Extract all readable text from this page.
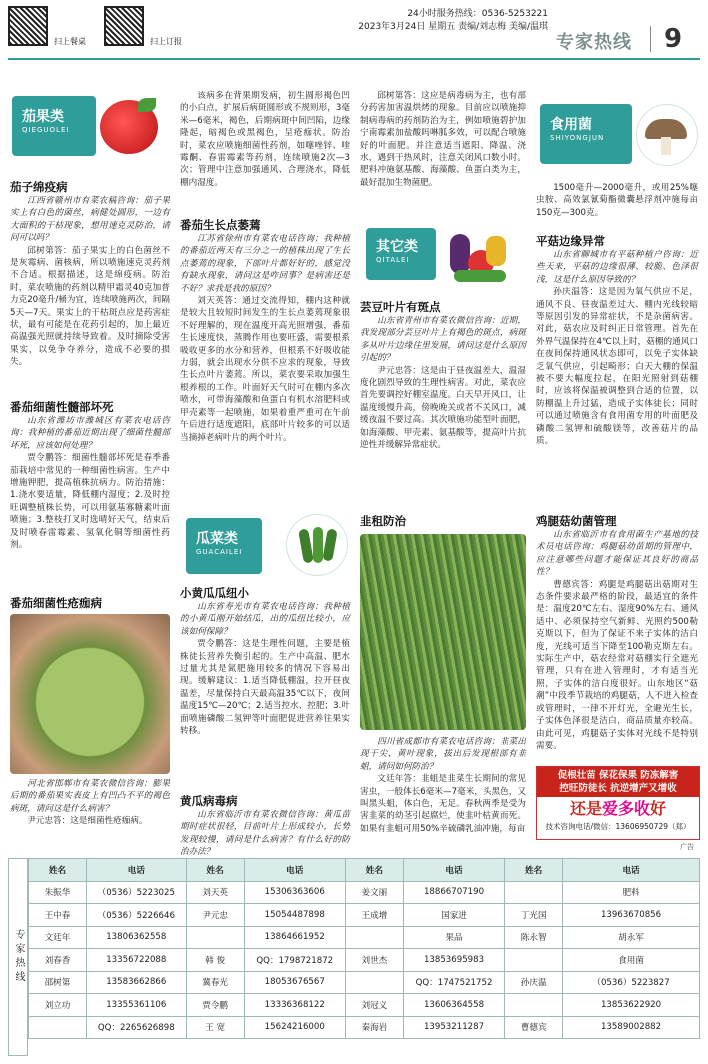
扫上餐桌	扫上订报
24小时服务热线：0536-5253221
2023年3月24日 星期五 责编/刘志梅 美编/温琪
专家热线 9
茄果类
QIEGUOLEI
茄子绵疫病

江西省赣州市有菜农稿咨询：茄子果实上有白色的菌丝，病健处圆形，一边有大面积的干枯现象，想用速克灵防治，请问可以吗？

邱树第答：茄子果实上的白色菌丝不是灰霉病、菌核病，所以喷施速克灵药剂不合适。根据描述，这是绵疫病。防治时，菜农喷施的药剂以精甲霜灵40克加普力克20毫升/桶为宜，连续喷施两次，间隔5天—7天。果实上的干枯斑点应是药害症状，最有可能是在花药引起的，加上最近高温强光照就持续导致着。及时摘除受害果实，以免争夺养分，造成不必要的损失。

番茄细菌性髓部坏死

山东省潍坊市潍城区有菜农电话咨询：我种植的番茄近期出现了细菌性髓部坏死，应该如何处理？

贾令鹏答：细菌性髓部坏死是春季番茄栽培中常见的一种细菌性病害。生产中增施钾肥，提高植株抗病力。防治措施：1.浇水要适量，降低棚内湿度；2.及时控旺调整植株长势，可以用氨基寡糖素叶面喷施；3.整枝打叉时选晴好天气，结束后及时喷春雷霉素、氢氧化铜等细菌性药剂。

番茄细菌性疮痂病

河北省邯郸市有菜农微信咨询：膨果后期的番茄果实表皮上有凹凸不平的褐色病斑，请问这是什么病害？

尹元忠答：这是细菌性疮痂病。

该病多在背果期发病，初生圆形褐色凹的小白点，扩展后病斑圆形或不规则形，3毫米—6毫米，褐色，后期病斑中间凹陷，边缘隆起，暗褐色或黑褐色，呈疮痂状。防治时，菜农应喷施细菌性药剂，如噻唑锌、喹霉酮、春雷霉素等药剂，连续喷施2次—3次；管理中注意加强通风、合理浇水，降低棚内湿度。

番茄生长点萎蔫

江苏省徐州市有菜农电话咨询：我种植的番茄近两天有三分之一的植株出现了生长点萎蔫的现象，下部叶片都好好的，感觉没有缺水现象，请问这是咋回事？是病害还是不好？求我是我的原因？

刘天英答：通过交流得知，棚内这种就是较大且较短时间发生的生长点萎蔫现象很不好理解的，现在温度开高光照增强，番茄生长速度快，蒸腾作用也要旺盛，需要根系吸收更多的水分和营养，但根系不好吸收能力弱，就会出现水分供不应求的现象，导致生长点叶片萎蔫。所以，菜农要采取加强生根养根的工作。叶面好天气时可在棚内多次喷水，可带海藻酸和鱼蛋白有机水溶肥料或甲壳素等一起喷施，如果着重严重可在午前午后进行适度遮阳，底部叶片较多的可以适当摘掉老病叶片的两个叶片。

瓜菜类
GUACAILEI
小黄瓜瓜纽小

山东省寿光市有菜农电话咨询：我种植的小黄瓜刚开始结瓜，出的瓜纽比较小，应该如何保障？

贾令鹏答：这是生理性问题，主要是植株徒长营养失衡引起的。生产中高温、肥水过量尤其是氮肥施用较多的情况下容易出现。缓解建议：1.适当降低棚温，拉开昼夜温差，尽量保持白天最高温35℃以下，夜间温度15℃—20℃；2.适当控水、控肥；3.叶面喷施磷酸二氢钾等叶面肥促进营养往果实转移。

黄瓜病毒病

山东省临沂市有菜农微信咨询：黄瓜苗期时症状很轻，目前叶片上形成较小，长势发现较慢，请问是什么病害？有什么好的防治办法？

邱树第答：这应是病毒病为主，也有部分药害加害温烘烤的现象。目前应以喷施抑制病毒病的药剂防治为主，例如喷施碧护加宁南霉素加盐酸吗啉胍多效，可以配合喷施好的叶面肥。并注意适当遮阳、降温、浇水，遇到干热风时，注意关闭风口数小时。肥料冲施氨基酸、海藻酸、鱼蛋白类为主，最好混加生物菌肥。

其它类
QITALEI
芸豆叶片有斑点

山东省青州市有菜农微信咨询：近期，我发现部分芸豆叶片上有褐色的斑点，病斑多从叶片边缘往里发展，请问这是什么原因引起的？

尹元忠答：这是由于昼夜温差大，温湿度化剧烈导致的生理性病害。对此，菜农应首先要调控好棚室温度。白天早开风口，让温度缓慢升高，傍晚晚关或者不关风口，减缓夜温不要过高。其次喷施功能型叶面肥，如海藻酸、甲壳素、氨基酸等，提高叶片抗逆性并缓解异常症状。

韭租防治

四川省成都市有菜农电话咨询：韭菜出现干尖、黄叶现象，拔出后发现根部有韭蛆，请问如何防治？

文廷年答：韭蛆是韭菜生长期间的常见害虫，一般体长6毫米—7毫米，头黑色，又叫黑头蛆，体白色，无足。春秋两季是受为害韭菜的幼茎引起腐烂，使韭叶枯黄而死。如果有韭蛆可用50%辛硫磷乳油冲施，每亩

食用菌
SHIYONGJUN

1500毫升—2000毫升，或用25%噻虫胺、高效氯氰菊酯微囊悬浮剂冲施每亩150克—300克。

平菇边缘异常

山东省聊城市有平菇种植户咨询：近些天来，平菇的边缘很薄、较脆、色泽很浅，这是什么原因导致的？

孙庆温答：这是因为氧气供应不足，通风不良、昼夜温差过大、棚内光线较暗等原因引发的异常症状，不是杂菌病害。对此，菇农应及时纠正日常管理。首先在外界气温保持在4℃以上时，菇棚的通风口在夜间保持通风状态即可，以免子实体缺乏氧气供应，引起畸形；白天大棚的保温被不要大幅度拉起，在阳光照射到菇棚时，应该将保温被调整到合适的位置，以防棚温上升过猛，造成子实体徒长；同时可以通过喷施含有食用菌专用的叶面肥及磷酸二氢钾和硫酸镁等，改善菇片的品质。

鸡腿菇幼菌管理

山东省临沂市有食用菌生产基地的技术员电话咨询：鸡腿菇幼苗期的管理中，应注意哪些问题才能保证其良好的商品性？

曹德宾答：鸡腿是鸡腿菇出菇期对生态条件要求最严格的阶段，最适宜的条件是：温度20℃左右、湿度90%左右、通风适中、必须保持空气新鲜、光照约500勒克斯以下，但为了保证不来子实体的洁白度，光线可适当下降至100勒克斯左右。实际生产中，菇农经常对菇棚实行全遮光管理，只有在进入管理时，才有适当光照，子实体的洁白度很好。山东地区“菇潮”中段季节栽培的鸡腿菇，人不进入检查或管理时，一律不开灯光，全避光生长，子实体色泽很是洁白，商品质量亦较高。由此可见，鸡腿菇子实体对光线不是特别需要。

促根壮苗 保花保果 防冻解害
控旺防徒长 抗逆增产又增收
还是爱多收好
技术咨询电话/微信：13606950729（郑）
广告
专家热线
姓名	电话	姓名	电话	姓名	电话	姓名	电话
朱振华	（0536）5223025	刘天英	15306363606	姜文丽	18866707190		肥料
王中春	（0536）5226646	尹元忠	15054487898	王成增	国家进	丁光国	13963670856
文廷年	13806362558		13864661952		果品	陈永智	胡永军
刘春香	13356722088	韩 俊	QQ：1798721872	刘世杰	13853695983		食用菌
邵树第	13583662866	冀春光	18053676567		QQ：1747521752	孙庆温	（0536）5223827
刘立功	13355361106	贾令鹏	13336368122	刘冠义	13606364558		13853622920
	QQ：2265626898	王 宽	15624216000	秦海岩	13953211287	曹德宾	13589002882
